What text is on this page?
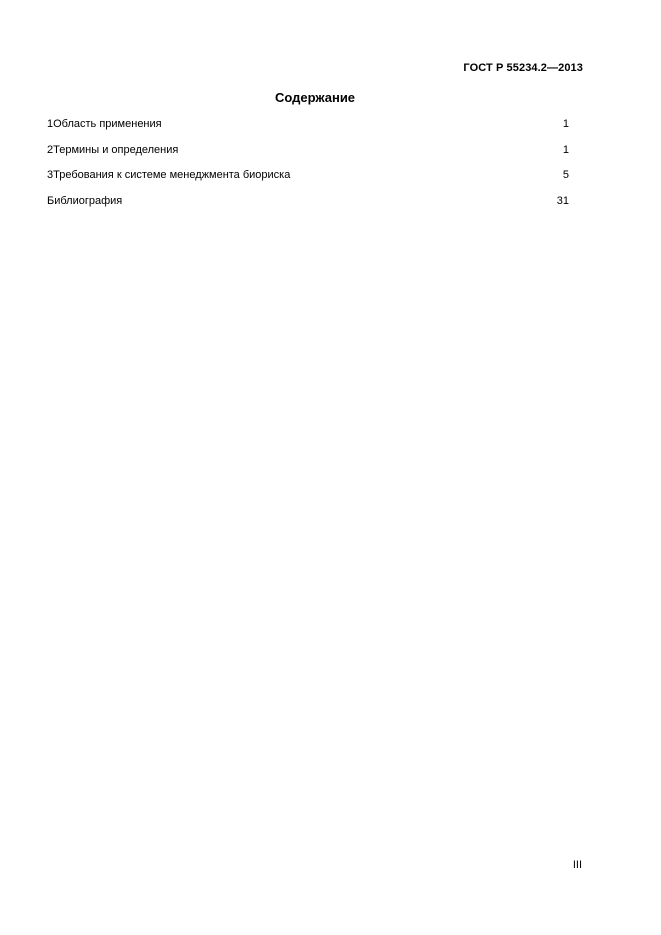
ГОСТ Р 55234.2—2013
Содержание
1Область применения	1
2Термины и определения	1
3Требования к системе менеджмента биориска	5
Библиография	31
III
